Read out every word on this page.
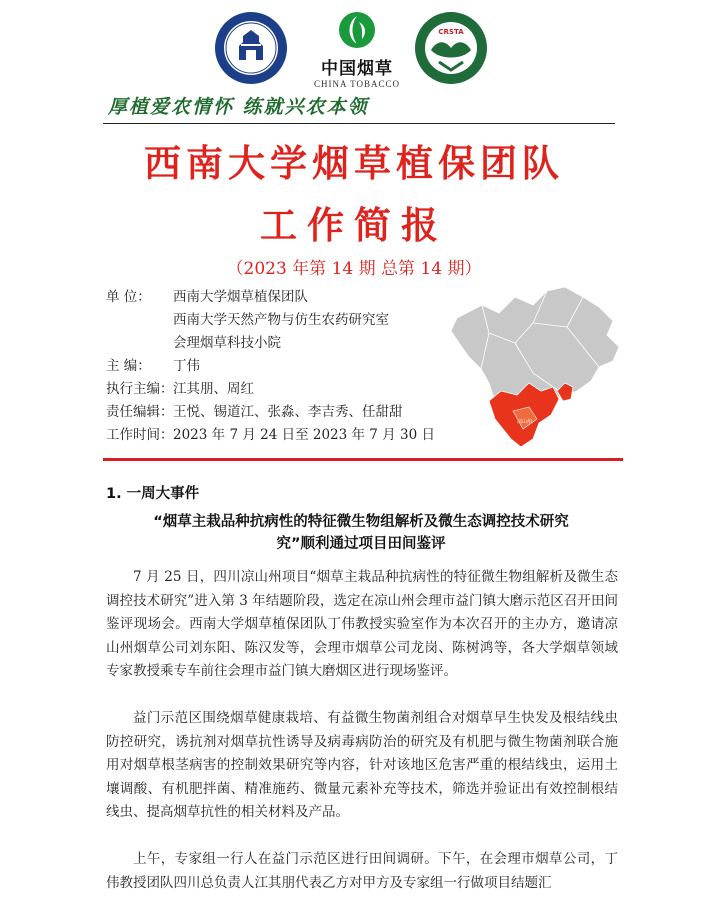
中国烟草
CHINA TOBACCO
CRSTA
厚植爱农情怀 练就兴农本领
西南大学烟草植保团队
工作简报
（2023 年第 14 期 总第 14 期）
单 位：	西南大学烟草植保团队
西南大学天然产物与仿生农药研究室
会理烟草科技小院
主 编：	丁伟
执行主编： 江其朋、周红
责任编辑： 王悦、锡道江、张淼、李吉秀、任甜甜
工作时间： 2023 年 7 月 24 日至 2023 年 7 月 30 日
凉山州
1. 一周大事件
“烟草主栽品种抗病性的特征微生物组解析及微生态调控技术研究
究”顺利通过项目田间鉴评

7 月 25 日，四川凉山州项目“烟草主栽品种抗病性的特征微生物组解析及微生态调控技术研究”进入第 3 年结题阶段，选定在凉山州会理市益门镇大磨示范区召开田间鉴评现场会。西南大学烟草植保团队丁伟教授实验室作为本次召开的主办方，邀请凉山州烟草公司刘东阳、陈汉发等，会理市烟草公司龙岗、陈树鸿等，各大学烟草领域专家教授乘专车前往会理市益门镇大磨烟区进行现场鉴评。

益门示范区围绕烟草健康栽培、有益微生物菌剂组合对烟草早生快发及根结线虫防控研究，诱抗剂对烟草抗性诱导及病毒病防治的研究及有机肥与微生物菌剂联合施用对烟草根茎病害的控制效果研究等内容，针对该地区危害严重的根结线虫，运用土壤调酸、有机肥拌菌、精准施药、微量元素补充等技术，筛选并验证出有效控制根结线虫、提高烟草抗性的相关材料及产品。

上午，专家组一行人在益门示范区进行田间调研。下午，在会理市烟草公司，丁伟教授团队四川总负责人江其朋代表乙方对甲方及专家组一行做项目结题汇
